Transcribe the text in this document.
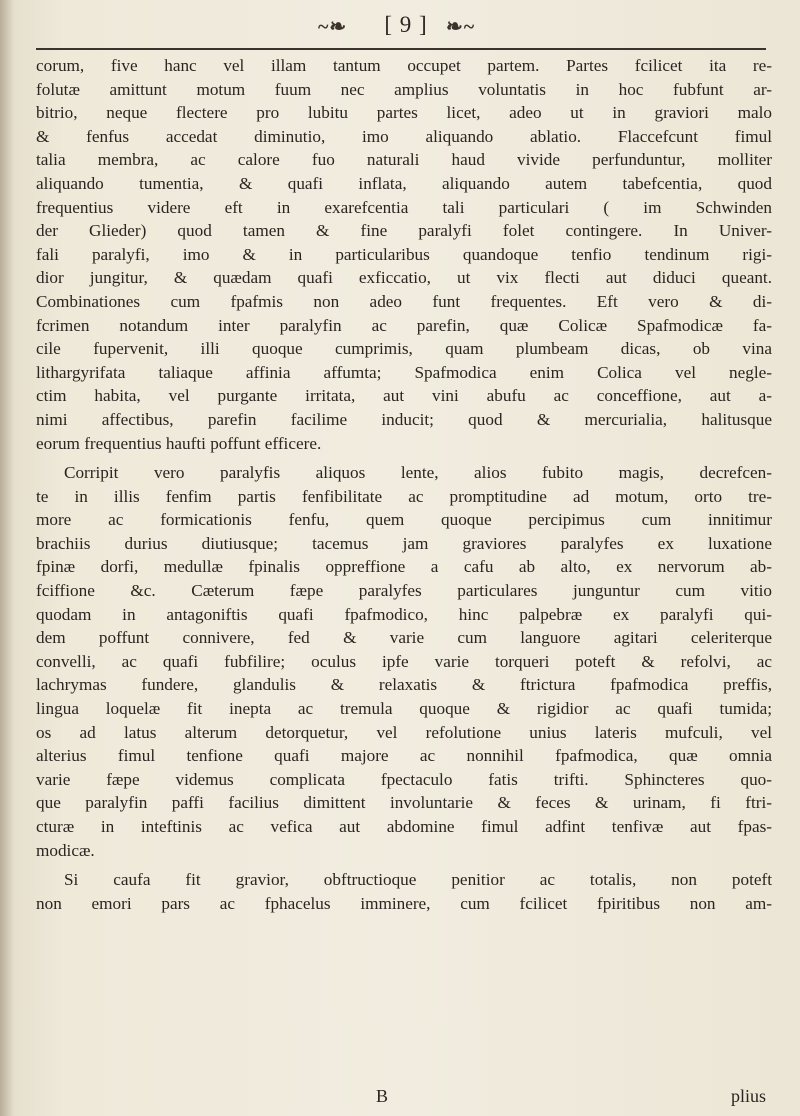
~❧	[ 9 ] ❧~
corum, five hanc vel illam tantum occupet partem. Partes fcilicet ita re-
folutæ amittunt motum fuum nec amplius voluntatis in hoc fubfunt ar-
bitrio, neque flectere pro lubitu partes licet, adeo ut in graviori malo
& fenfus accedat diminutio, imo aliquando ablatio. Flaccefcunt fimul
talia membra, ac calore fuo naturali haud vivide perfunduntur, molliter
aliquando tumentia, & quafi inflata, aliquando autem tabefcentia, quod
frequentius videre eft in exarefcentia tali particulari ( im Schwinden
der Glieder) quod tamen & fine paralyfi folet contingere. In Univer-
fali paralyfi, imo & in particularibus quandoque tenfio tendinum rigi-
dior jungitur, & quædam quafi exficcatio, ut vix flecti aut diduci queant.
Combinationes cum fpafmis non adeo funt frequentes. Eft vero & di-
fcrimen notandum inter paralyfin ac parefin, quæ Colicæ Spafmodicæ fa-
cile fupervenit, illi quoque cumprimis, quam plumbeam dicas, ob vina
lithargyrifata taliaque affinia affumta; Spafmodica enim Colica vel negle-
ctim habita, vel purgante irritata, aut vini abufu ac conceffione, aut a-
nimi affectibus, parefin facilime inducit; quod & mercurialia, halitusque
eorum frequentius haufti poffunt efficere.
Corripit vero paralyfis aliquos lente, alios fubito magis, decrefcen-
te in illis fenfim partis fenfibilitate ac promptitudine ad motum, orto tre-
more ac formicationis fenfu, quem quoque percipimus cum innitimur
brachiis durius diutiusque; tacemus jam graviores paralyfes ex luxatione
fpinæ dorfi, medullæ fpinalis oppreffione a cafu ab alto, ex nervorum ab-
fciffione &c. Cæterum fæpe paralyfes particulares junguntur cum vitio
quodam in antagoniftis quafi fpafmodico, hinc palpebræ ex paralyfi qui-
dem poffunt connivere, fed & varie cum languore agitari celeriterque
convelli, ac quafi fubfilire; oculus ipfe varie torqueri poteft & refolvi, ac
lachrymas fundere, glandulis & relaxatis & ftrictura fpafmodica preffis,
lingua loquelæ fit inepta ac tremula quoque & rigidior ac quafi tumida;
os ad latus alterum detorquetur, vel refolutione unius lateris mufculi, vel
alterius fimul tenfione quafi majore ac nonnihil fpafmodica, quæ omnia
varie fæpe videmus complicata fpectaculo fatis trifti. Sphincteres quo-
que paralyfin paffi facilius dimittent involuntarie & feces & urinam, fi ftri-
cturæ in inteftinis ac vefica aut abdomine fimul adfint tenfivæ aut fpas-
modicæ.
Si caufa fit gravior, obftructioque penitior ac totalis, non poteft
non emori pars ac fphacelus imminere, cum fcilicet fpiritibus non am-
B	plius
